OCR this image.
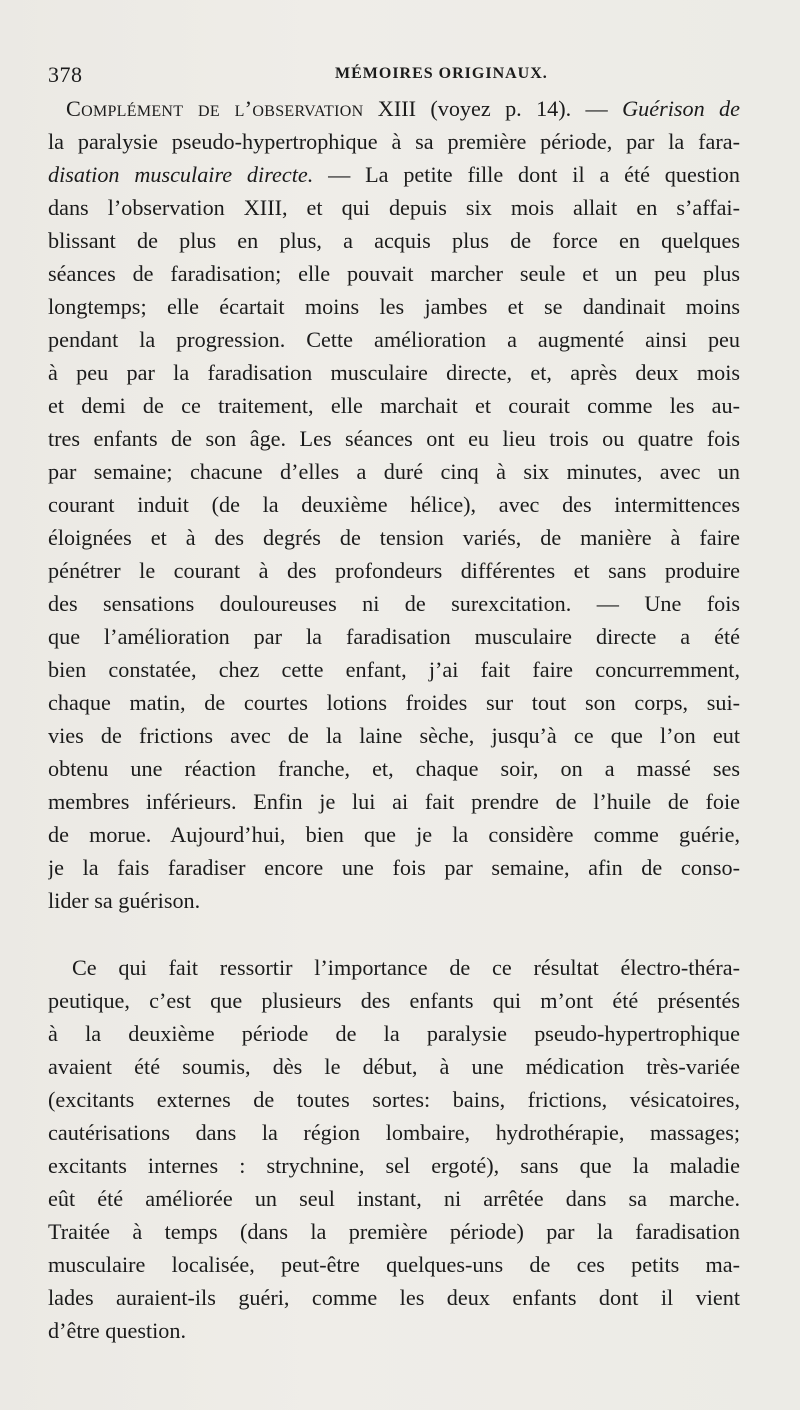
378	MÉMOIRES ORIGINAUX.
Complément de l’observation XIII (voyez p. 14). — Guérison de
la paralysie pseudo-hypertrophique à sa première période, par la fara-
disation musculaire directe. — La petite fille dont il a été question
dans l’observation XIII, et qui depuis six mois allait en s’affai-
blissant de plus en plus, a acquis plus de force en quelques
séances de faradisation; elle pouvait marcher seule et un peu plus
longtemps; elle écartait moins les jambes et se dandinait moins
pendant la progression. Cette amélioration a augmenté ainsi peu
à peu par la faradisation musculaire directe, et, après deux mois
et demi de ce traitement, elle marchait et courait comme les au-
tres enfants de son âge. Les séances ont eu lieu trois ou quatre fois
par semaine; chacune d’elles a duré cinq à six minutes, avec un
courant induit (de la deuxième hélice), avec des intermittences
éloignées et à des degrés de tension variés, de manière à faire
pénétrer le courant à des profondeurs différentes et sans produire
des sensations douloureuses ni de surexcitation. — Une fois
que l’amélioration par la faradisation musculaire directe a été
bien constatée, chez cette enfant, j’ai fait faire concurremment,
chaque matin, de courtes lotions froides sur tout son corps, sui-
vies de frictions avec de la laine sèche, jusqu’à ce que l’on eut
obtenu une réaction franche, et, chaque soir, on a massé ses
membres inférieurs. Enfin je lui ai fait prendre de l’huile de foie
de morue. Aujourd’hui, bien que je la considère comme guérie,
je la fais faradiser encore une fois par semaine, afin de conso-
lider sa guérison.
Ce qui fait ressortir l’importance de ce résultat électro-théra-
peutique, c’est que plusieurs des enfants qui m’ont été présentés
à la deuxième période de la paralysie pseudo-hypertrophique
avaient été soumis, dès le début, à une médication très-variée
(excitants externes de toutes sortes: bains, frictions, vésicatoires,
cautérisations dans la région lombaire, hydrothérapie, massages;
excitants internes : strychnine, sel ergoté), sans que la maladie
eût été améliorée un seul instant, ni arrêtée dans sa marche.
Traitée à temps (dans la première période) par la faradisation
musculaire localisée, peut-être quelques-uns de ces petits ma-
lades auraient-ils guéri, comme les deux enfants dont il vient
d’être question.
